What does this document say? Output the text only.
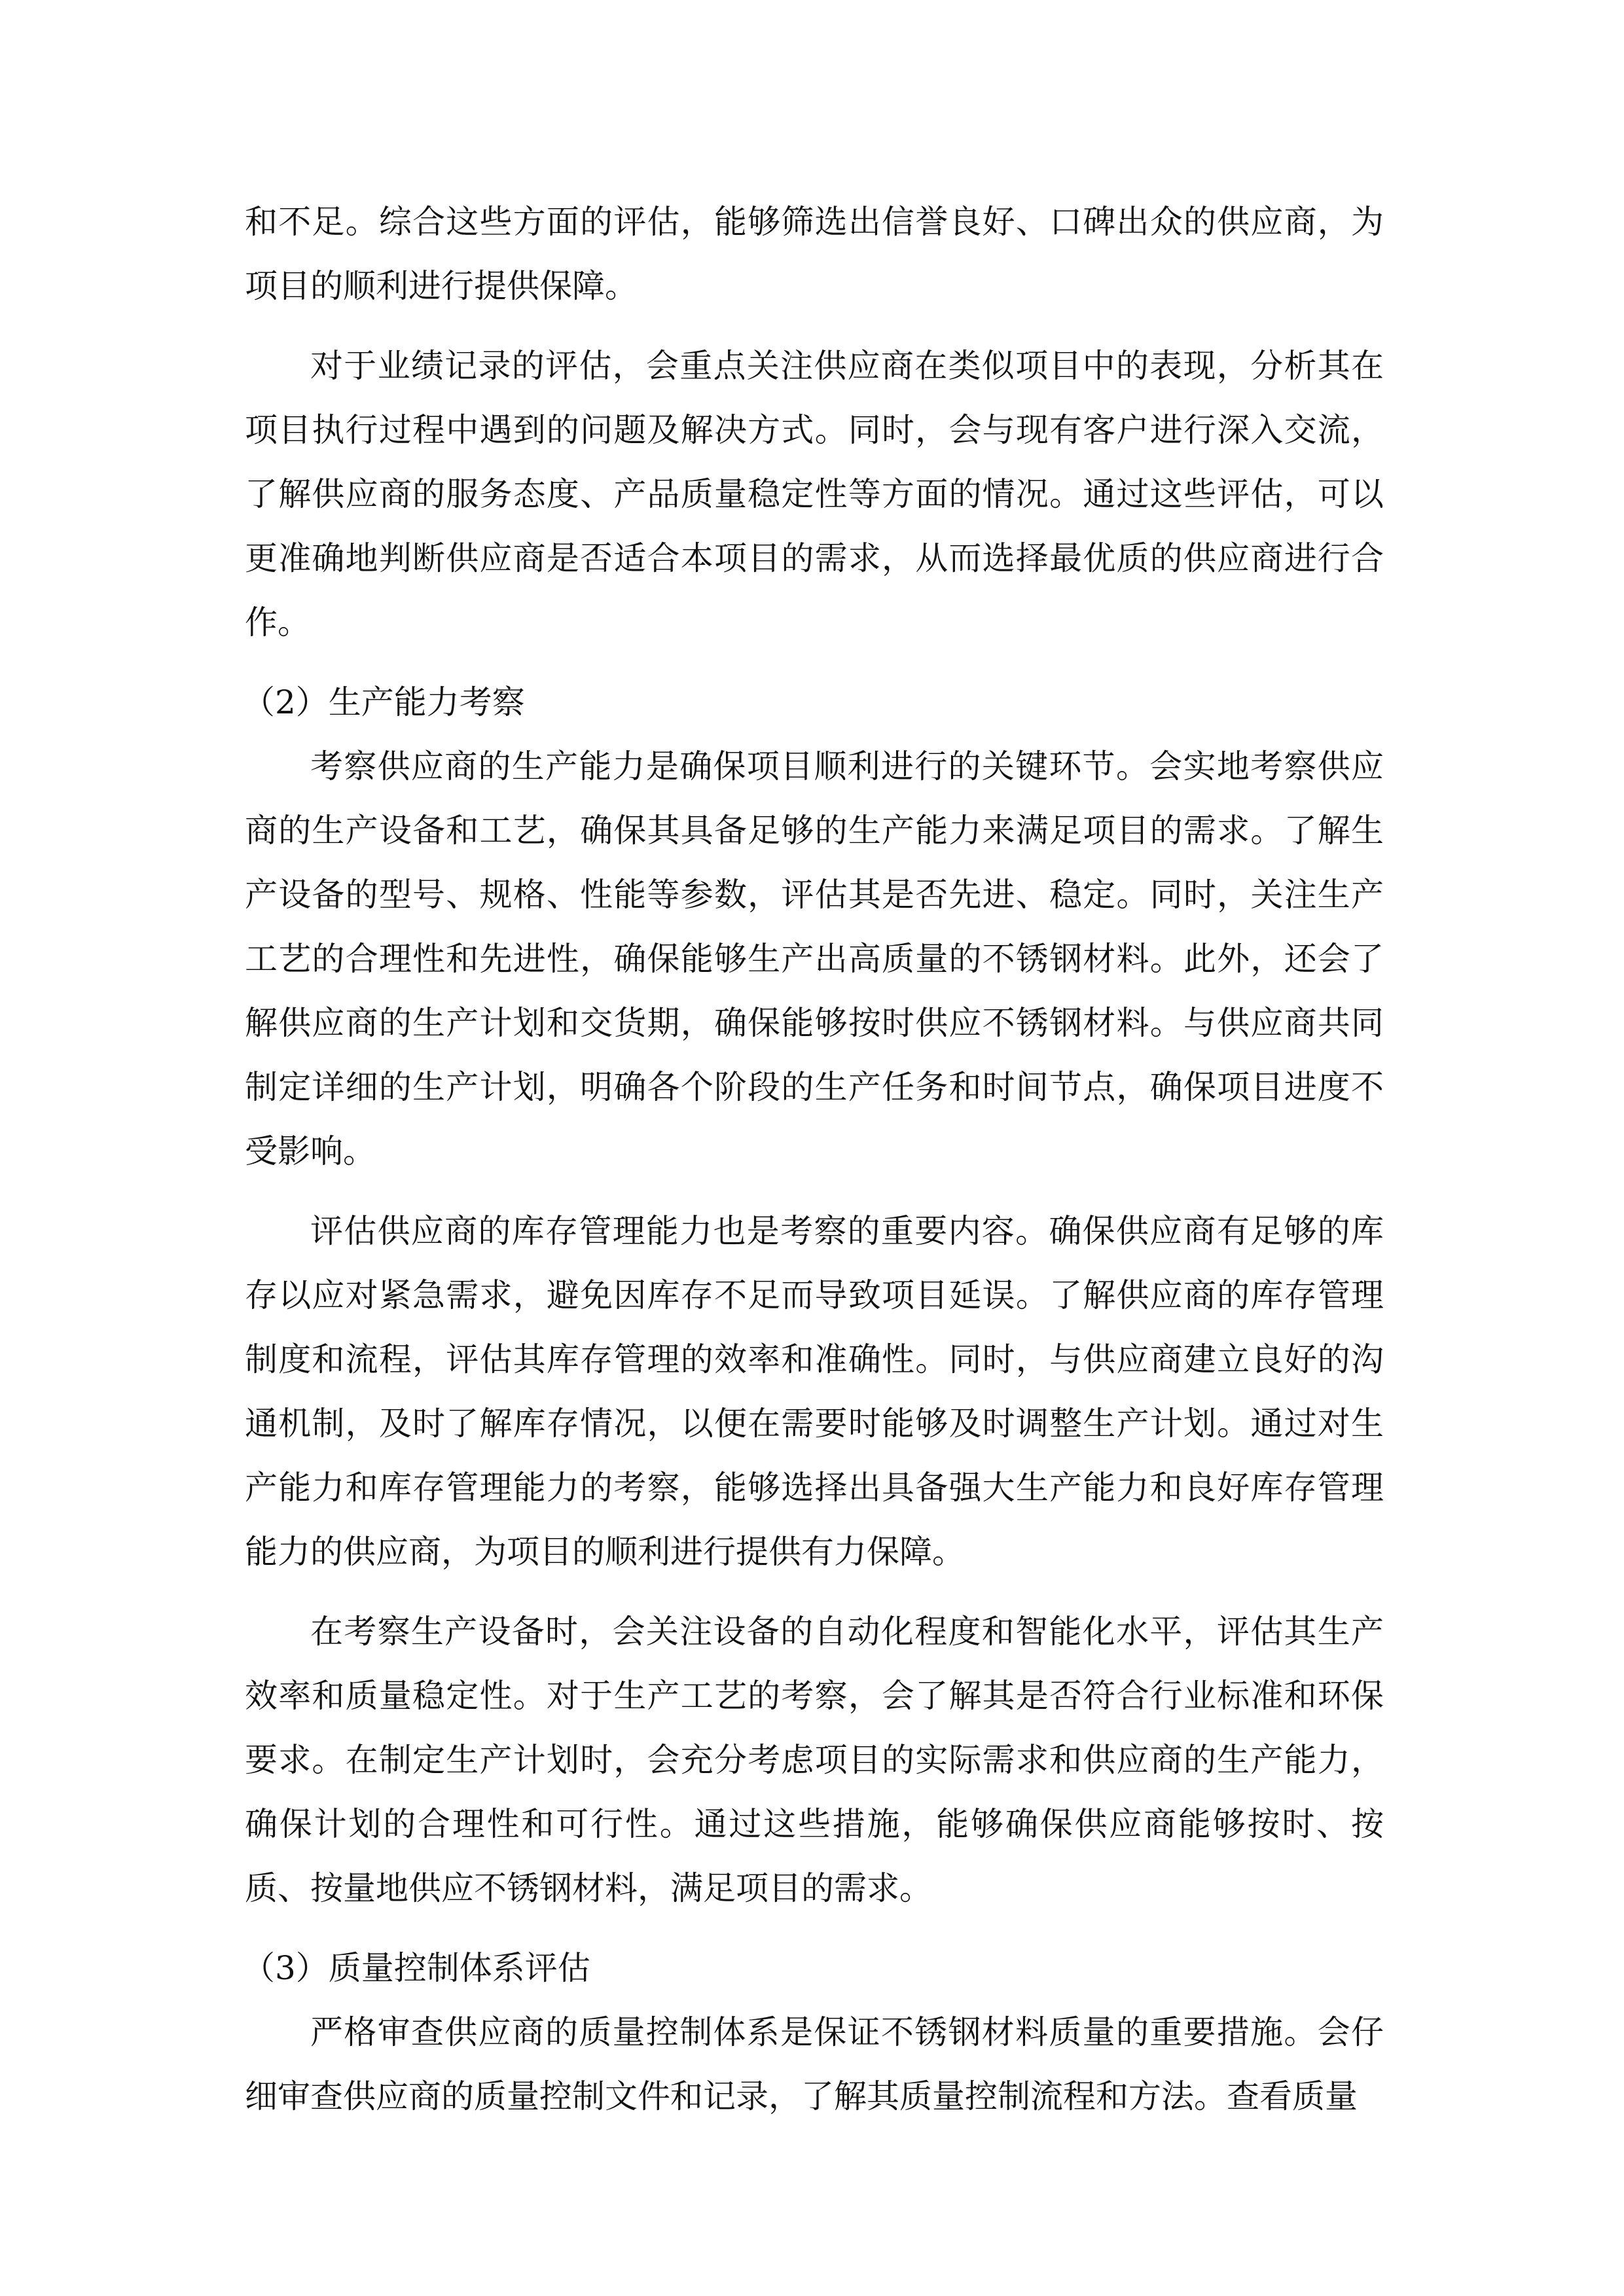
和不足。综合这些方面的评估，能够筛选出信誉良好、口碑出众的供应商，为项目的顺利进行提供保障。

对于业绩记录的评估，会重点关注供应商在类似项目中的表现，分析其在项目执行过程中遇到的问题及解决方式。同时，会与现有客户进行深入交流，了解供应商的服务态度、产品质量稳定性等方面的情况。通过这些评估，可以更准确地判断供应商是否适合本项目的需求，从而选择最优质的供应商进行合作。

（2）生产能力考察

考察供应商的生产能力是确保项目顺利进行的关键环节。会实地考察供应商的生产设备和工艺，确保其具备足够的生产能力来满足项目的需求。了解生产设备的型号、规格、性能等参数，评估其是否先进、稳定。同时，关注生产工艺的合理性和先进性，确保能够生产出高质量的不锈钢材料。此外，还会了解供应商的生产计划和交货期，确保能够按时供应不锈钢材料。与供应商共同制定详细的生产计划，明确各个阶段的生产任务和时间节点，确保项目进度不受影响。

评估供应商的库存管理能力也是考察的重要内容。确保供应商有足够的库存以应对紧急需求，避免因库存不足而导致项目延误。了解供应商的库存管理制度和流程，评估其库存管理的效率和准确性。同时，与供应商建立良好的沟通机制，及时了解库存情况，以便在需要时能够及时调整生产计划。通过对生产能力和库存管理能力的考察，能够选择出具备强大生产能力和良好库存管理能力的供应商，为项目的顺利进行提供有力保障。

在考察生产设备时，会关注设备的自动化程度和智能化水平，评估其生产效率和质量稳定性。对于生产工艺的考察，会了解其是否符合行业标准和环保要求。在制定生产计划时，会充分考虑项目的实际需求和供应商的生产能力，确保计划的合理性和可行性。通过这些措施，能够确保供应商能够按时、按质、按量地供应不锈钢材料，满足项目的需求。

（3）质量控制体系评估

严格审查供应商的质量控制体系是保证不锈钢材料质量的重要措施。会仔细审查供应商的质量控制文件和记录，了解其质量控制流程和方法。查看质量
